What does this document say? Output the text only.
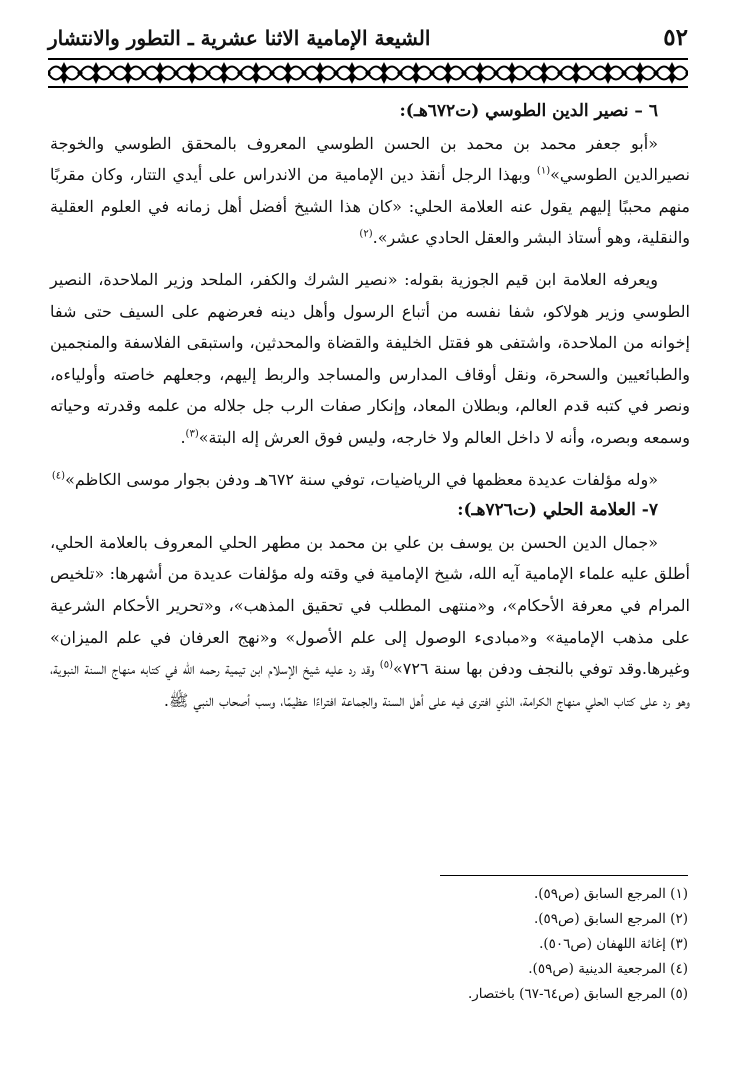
٥٢
الشيعة الإمامية الاثنا عشرية ـ التطور والانتشار

٦ – نصير الدين الطوسي (ت٦٧٢هـ):

«أبو جعفر محمد بن محمد بن الحسن الطوسي المعروف بالمحقق الطوسي والخوجة نصيرالدين الطوسي»$^{(١)}$ وبهذا الرجل أنقذ دين الإمامية من الاندراس على أيدي التتار، وكان مقربًا منهم محببًا إليهم يقول عنه العلامة الحلي: «كان هذا الشيخ أفضل أهل زمانه في العلوم العقلية والنقلية، وهو أستاذ البشر والعقل الحادي عشر».$^{(٢)}$

ويعرفه العلامة ابن قيم الجوزية بقوله: «نصير الشرك والكفر، الملحد وزير الملاحدة، النصير الطوسي وزير هولاكو، شفا نفسه من أتباع الرسول وأهل دينه فعرضهم على السيف حتى شفا إخوانه من الملاحدة، واشتفى هو فقتل الخليفة والقضاة والمحدثين، واستبقى الفلاسفة والمنجمين والطبائعيين والسحرة، ونقل أوقاف المدارس والمساجد والربط إليهم، وجعلهم خاصته وأولياءه، ونصر في كتبه قدم العالم، وبطلان المعاد، وإنكار صفات الرب جل جلاله من علمه وقدرته وحياته وسمعه وبصره، وأنه لا داخل العالم ولا خارجه، وليس فوق العرش إله البتة»$^{(٣)}$.

«وله مؤلفات عديدة معظمها في الرياضيات، توفي سنة ٦٧٢هـ ودفن بجوار موسى الكاظم»$^{(٤)}$

٧- العلامة الحلي (ت٧٢٦هـ):

«جمال الدين الحسن بن يوسف بن علي بن محمد بن مطهر الحلي المعروف بالعلامة الحلي، أطلق عليه علماء الإمامية آيه الله، شيخ الإمامية في وقته وله مؤلفات عديدة من أشهرها: «تلخيص المرام في معرفة الأحكام»، و«منتهى المطلب في تحقيق المذهب»، و«تحرير الأحكام الشرعية على مذهب الإمامية» و«مبادىء الوصول إلى علم الأصول» و«نهج العرفان في علم الميزان» وغيرها.وقد توفي بالنجف ودفن بها سنة ٧٢٦»$^{(٥)}$ وقد رد عليه شيخ الإسلام ابن تيمية رحمه الله في كتابه منهاج السنة النبوية، وهو رد على كتاب الحلي منهاج الكرامة، الذي افترى فيه على أهل السنة والجماعة افتراءًا عظيمًا، وسب أصحاب النبي ﷺ.

(١) المرجع السابق (ص٥٩).
(٢) المرجع السابق (ص٥٩).
(٣) إغاثة اللهفان (ص٥٠٦).
(٤) المرجعية الدينية (ص٥٩).
(٥) المرجع السابق (ص٦٤-٦٧) باختصار.
